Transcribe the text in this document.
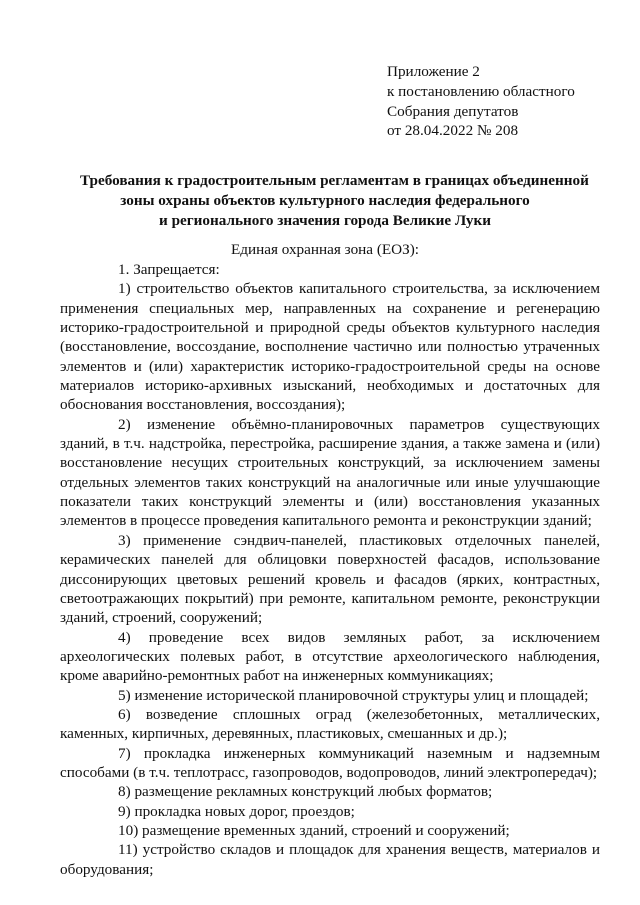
Приложение 2
к постановлению областного
Собрания депутатов
от 28.04.2022 № 208
Требования к градостроительным регламентам в границах объединенной
зоны охраны объектов культурного наследия федерального
и регионального значения города Великие Луки
Единая охранная зона (ЕОЗ):

1. Запрещается:

1) строительство объектов капитального строительства, за исключением применения специальных мер, направленных на сохранение и регенерацию историко-градостроительной и природной среды объектов культурного наследия (восстановление, воссоздание, восполнение частично или полностью утраченных элементов и (или) характеристик историко-градостроительной среды на основе материалов историко-архивных изысканий, необходимых и достаточных для обоснования восстановления, воссоздания);

2) изменение объёмно-планировочных параметров существующих зданий, в т.ч. надстройка, перестройка, расширение здания, а также замена и (или) восстановление несущих строительных конструкций, за исключением замены отдельных элементов таких конструкций на аналогичные или иные улучшающие показатели таких конструкций элементы и (или) восстановления указанных элементов в процессе проведения капитального ремонта и реконструкции зданий;

3) применение сэндвич-панелей, пластиковых отделочных панелей, керамических панелей для облицовки поверхностей фасадов, использование диссонирующих цветовых решений кровель и фасадов (ярких, контрастных, светоотражающих покрытий) при ремонте, капитальном ремонте, реконструкции зданий, строений, сооружений;

4) проведение всех видов земляных работ, за исключением археологических полевых работ, в отсутствие археологического наблюдения, кроме аварийно-ремонтных работ на инженерных коммуникациях;

5) изменение исторической планировочной структуры улиц и площадей;

6) возведение сплошных оград (железобетонных, металлических, каменных, кирпичных, деревянных, пластиковых, смешанных и др.);

7) прокладка инженерных коммуникаций наземным и надземным способами (в т.ч. теплотрасс, газопроводов, водопроводов, линий электропередач);

8) размещение рекламных конструкций любых форматов;

9) прокладка новых дорог, проездов;

10) размещение временных зданий, строений и сооружений;

11) устройство складов и площадок для хранения веществ, материалов и оборудования;
